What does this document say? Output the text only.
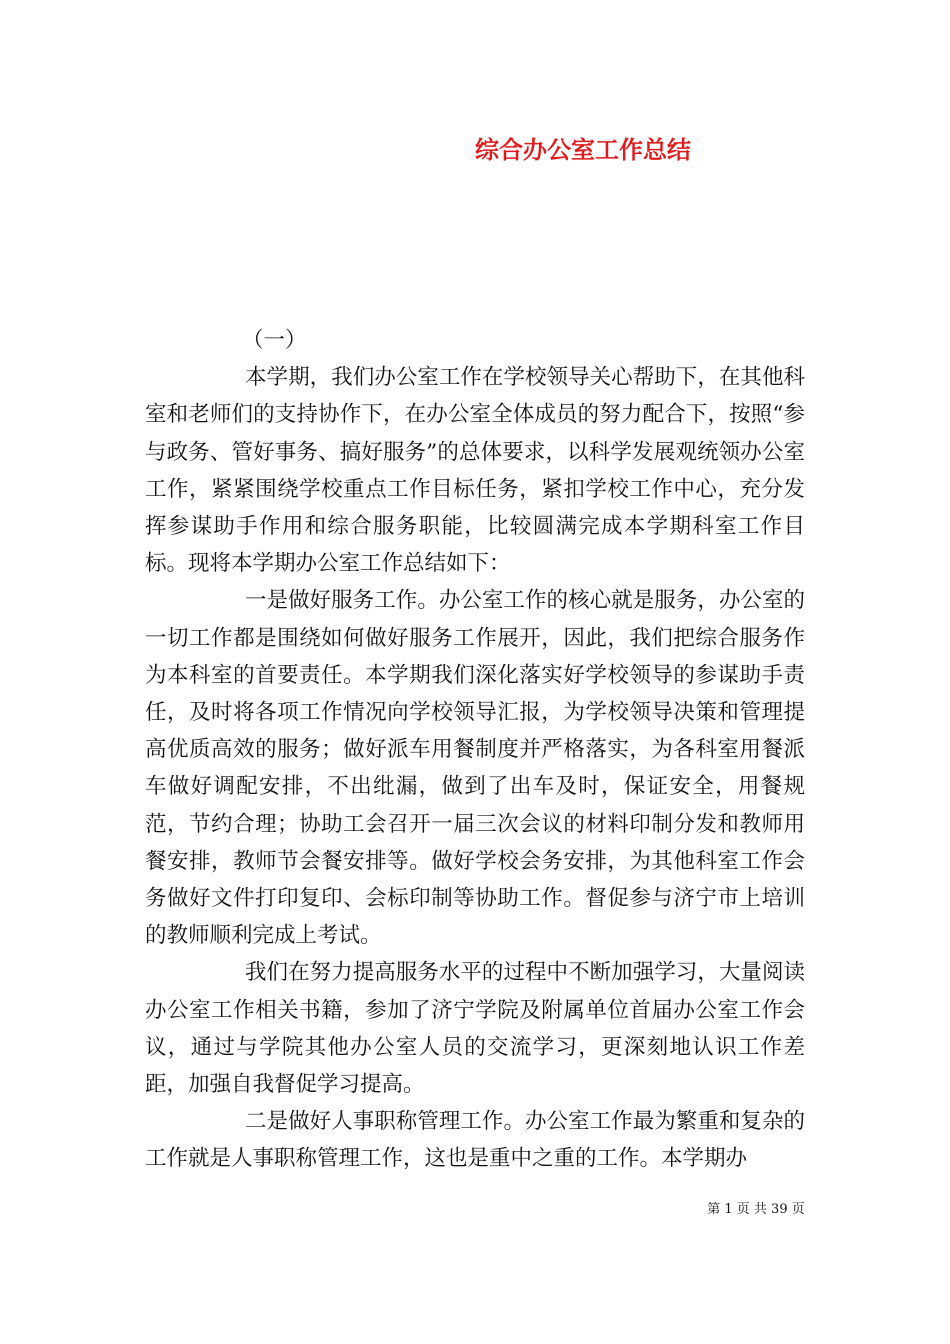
综合办公室工作总结

（一）

本学期，我们办公室工作在学校领导关心帮助下，在其他科室和老师们的支持协作下，在办公室全体成员的努力配合下，按照“参与政务、管好事务、搞好服务”的总体要求，以科学发展观统领办公室工作，紧紧围绕学校重点工作目标任务，紧扣学校工作中心，充分发挥参谋助手作用和综合服务职能，比较圆满完成本学期科室工作目标。现将本学期办公室工作总结如下：

一是做好服务工作。办公室工作的核心就是服务，办公室的一切工作都是围绕如何做好服务工作展开，因此，我们把综合服务作为本科室的首要责任。本学期我们深化落实好学校领导的参谋助手责任，及时将各项工作情况向学校领导汇报，为学校领导决策和管理提高优质高效的服务；做好派车用餐制度并严格落实，为各科室用餐派车做好调配安排，不出纰漏，做到了出车及时，保证安全，用餐规范，节约合理；协助工会召开一届三次会议的材料印制分发和教师用餐安排，教师节会餐安排等。做好学校会务安排，为其他科室工作会务做好文件打印复印、会标印制等协助工作。督促参与济宁市上培训的教师顺利完成上考试。

我们在努力提高服务水平的过程中不断加强学习，大量阅读办公室工作相关书籍，参加了济宁学院及附属单位首届办公室工作会议，通过与学院其他办公室人员的交流学习，更深刻地认识工作差距，加强自我督促学习提高。

二是做好人事职称管理工作。办公室工作最为繁重和复杂的工作就是人事职称管理工作，这也是重中之重的工作。本学期办

第 1 页 共 39 页
